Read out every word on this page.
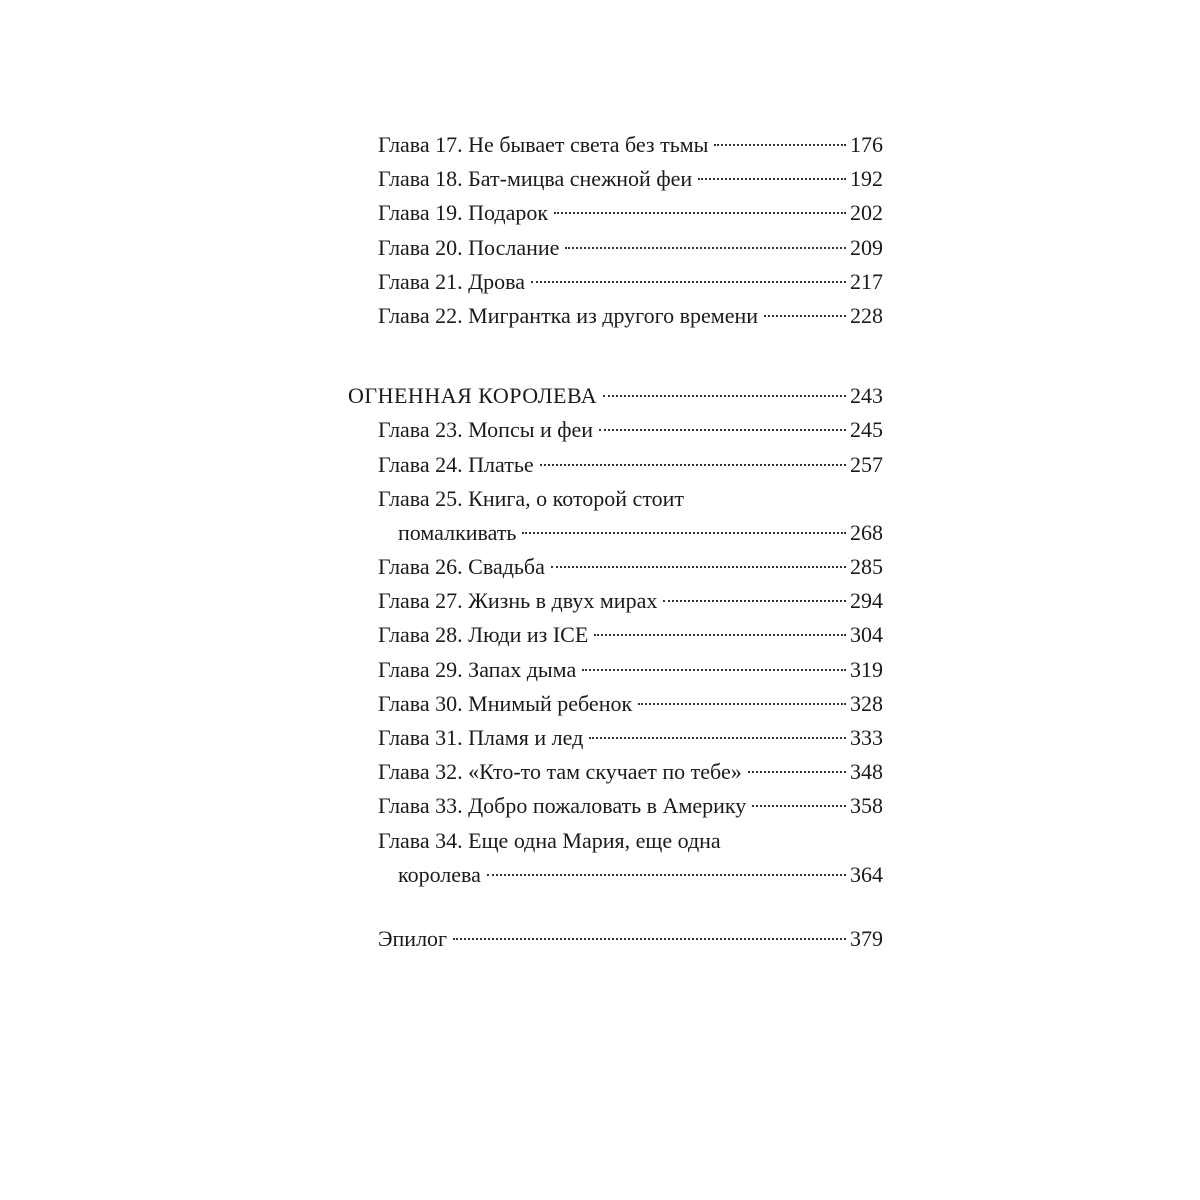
Глава 17. Не бывает света без тьмы	176
Глава 18. Бат-мицва снежной феи	192
Глава 19. Подарок	202
Глава 20. Послание	209
Глава 21. Дрова	217
Глава 22. Мигрантка из другого времени	228
ОГНЕННАЯ КОРОЛЕВА	243
Глава 23. Мопсы и феи	245
Глава 24. Платье	257
Глава 25. Книга, о которой стоит
помалкивать	268
Глава 26. Свадьба	285
Глава 27. Жизнь в двух мирах	294
Глава 28. Люди из ICE	304
Глава 29. Запах дыма	319
Глава 30. Мнимый ребенок	328
Глава 31. Пламя и лед	333
Глава 32. «Кто-то там скучает по тебе»	348
Глава 33. Добро пожаловать в Америку	358
Глава 34. Еще одна Мария, еще одна
королева	364
Эпилог	379
